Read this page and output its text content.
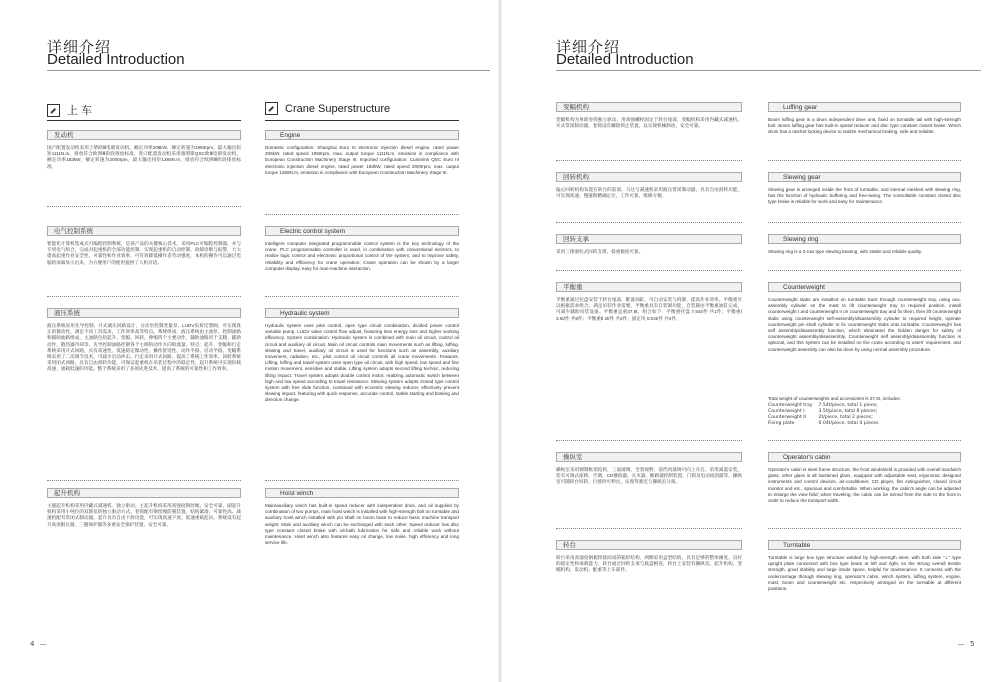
详细介绍
Detailed Introduction
上 车	Crane Superstructure
发动机
国产配置发动机采用上柴欧Ⅲ电喷发动机，额定功率206kW，额定转速为1950rpm，最大输出扭矩1111N.m，排放符合欧洲Ⅲ阶段排放标准。进口配置发动机采用康明斯QSC欧Ⅲ电喷发动机，额定功率183kW，额定转速为2000rpm，最大输出扭矩1268N.m，排放符合欧洲Ⅲ阶段排放标准。
电气控制系统
智能化计算机集成式可编程控制系统，是该产品的关键核心技术，采用PLC可编程控制器，并与专用电气组合，完成对起重机的全部功能控制，实现起重机的自动控制、故障诊断与报警，大大提高起重作业安全性、可靠性和作业效率，可有效降低操作者劳动强度，本机的操作可以通过电脑的屏幕显示出来，为方便用户的使用提供了人机对话。
液压系统
液压系统采用先导控制，开式液压回路设计，分动泵控制变量泵，LUDV负荷反馈阀，可实现真正的微动性，满足不同工况需求，工作效率高等特点。系统组成：液压系统由主油泵、控制油路和辅助油路组成，主油路包括起升、变幅、回转、伸缩四个主要动作，辅助油路用于支腿、辅助动作、散热器冷却等，先导控制油路控制各个主阀的动作方向和流量。特点：起升、变幅和行走系统采用开式回路，具有高速性、低速稳定微动性、操作舒适性、动作平稳、启动平稳。变幅系统采用了二次调节技术，可减少启动冲击。行走采用开式回路，提高了系统工作效率。回转系统采用闭式回路，具有自由滑转功能，可保证起重机在吊装过程中的稳定性。起升系统可实现轻载高速、重载低速的功能。整个系统采用了多项先进技术，提高了系统的可靠性和工作效率。
起升机构
主副起升机构采用内藏式减速机、独立驱动。主起升机构采用高强度钢丝绳，安全可靠，副起升机构采用小吨位的双联泵的独立驱动方式。卷筒配有钢丝绳防脱装置，结构紧凑、可靠性高。减速机配有常闭式制动器，起升具有自由下放功能，可实现高速下放、低速重载起吊。系统设有起升高度限位器、三圈保护器等多重安全保护装置，安全可靠。
Engine
Domestic configuration: Shanghai Euro III electronic injection diesel engine, rated power 206kW, rated speed 1950rpm, max. output torque 1111N.m, emission in compliance with European Construction Machinery Stage III. Imported configuration: Cummins QSC Euro III electronic injection diesel engine, rated power 183kW, rated speed 2000rpm, max. output torque 1268N.m, emission in compliance with European Construction Machinery Stage III.
Electric control system
Intelligent computer integrated programmable control system is the key technology of the crane. PLC programmable controller is used, in combination with conventional electrics, to realize logic control and electronic proportional control of the system, and to improve safety, reliability and efficiency for crane operation. Crane operation can be shown by a larger computer display, easy for man-machine interaction.
Hydraulic system
Hydraulic system uses pilot control, open type circuit combination, divided power control variable pump, LUDV valve control flow adjust, featuring less energy loss and higher working efficiency. System combination: Hydraulic system is combined with main oil circuit, control oil circuit and auxiliary oil circuit. Main oil circuit controls main movements such as lifting, luffing, slewing and travel, auxiliary oil circuit is used for functions such as assembly, auxiliary movement, radiation, etc., pilot control oil circuit controls all crane movements. Features: Lifting, luffing and travel system uses open type oil circuit, with high speed, low speed and fine motion movement, sensitive and stable. Lifting system adopts second lifting technic, reducing lifting impact. Travel system adopts double control motor, realizing automatic switch between high and low speed according to travel resistance. Slewing system adopts closed type control system with free slide function, combined with eccentric slewing reducer, effectively prevent slewing impact, featuring with quick response, accurate control, stable starting and braking and direction change.
Hoist winch
Main/auxiliary winch has built-in speed reducer with independent drive, and oil supplied by combination of two pumps, main hoist winch is installed with high-strength bolt on turntable and auxiliary hoist winch installed with pin shaft on boom base to reduce basic machine transport weight. Main and auxiliary winch can be exchanged with each other. Speed reducer has disc type constant closed brake with oil-bath lubrication for safe and reliable work without maintenance. Hoist winch also features easy oil change, low noise, high efficiency and long service life.
4
详细介绍
Detailed Introduction
变幅机构
变幅机构为单联卷筒独立驱动，用高强螺栓固定于转台尾部，变幅机构采用内藏式减速机，开式常闭制动器，卷筒设有棘轮锁止装置，以实现机械制动，安全可靠。
回转机构
偏心回转机构布置在转台的前部，马达与减速机采用液压常闭制动器，具有自由滑转功能，可实现高速、慢速和精确定位，工作可靠，维修方便。
回转支承
采用三排滚柱式回转支撑，稳重极度可靠。
平衡重
平衡重通过托盘安装于转台尾部，配备油缸，可自动安装与拆卸，提高作业效率。平衡重可以根据需求组合，满足吊装作业需要。平衡重具有自装卸功能，自装卸由平衡重油缸完成，可减少辅助吊装设备。平衡重总重37.6t，组合如下：平衡重托盘 7.54t/件 共1件；平衡重Ⅰ 3.5t/件 共8件；平衡重Ⅱ 2t/件 共2件；固定块 0.04t/件 共4件。
操纵室
操纵室采用钢制框架结构，三面玻璃，全景视野，前挡风玻璃可向上开启，采用减震安装，装有可调式座椅、空调、CD播放器、灭火器、断路器控制装置、门锁及电动雨刮器等，操纵室可随转台回转，行驶时可伸出，实现驾驶室与操纵室分离。
转台
转台采用高强度钢板焊接而成的箱形结构，两侧采用盒型结构，具有足够的整体刚度、良好的稳定性和承载能力，转台通过回转支承与底盘相连，转台上安装有操纵室、起升机构、变幅机构、发动机、配重等上车部件。
Luffing gear
Boom luffing gear is a drum independent drive unit, fixed on turntable tail with high-strength bolt. Boom luffing gear has built-in speed reducer and disc type constant closed brake. Winch drum has a ratchet locking device to realize mechanical braking, safe and reliable.
Slewing gear
Slewing gear is arranged inside the front of turntable, and internal meshed with slewing ring, has the function of hydraulic buffering and free-swing. The controllable constant closed disc type brake is reliable for work and easy for maintenance.
Slewing ring
Slewing ring is a 3-row type slewing bearing, with stable and reliable quality.
Counterweight
Counterweight slabs are installed on turntable back through counterweight tray, using aux. assembly cylinder on the mast to lift counterweight tray to required position, install counterweight I and counterweight II on counterweight tray and fix them, then lift counterweight slabs using counterweight self-assembly/disassembly cylinder to required height, operate counterweight pin shaft cylinder to fix counterweight slabs onto turntable. Counterweight has self assembly/disassembly function, which eliminated the hidden danger for safety of counterweight assembly/disassembly. Counterweight self assembly/disassembly function is optional, and this system can be installed on the crane according to users' requirement, and counterweight assembly can also be done by using normal assembly procedure.
Total weight of counterweights and accessories is 37.6t, includes:
Counterweight tray	7.54t/piece, total 1 piece;
Counterweight I	3.5t/piece, total 8 pieces;
Counterweight II	2t/piece, total 2 pieces;
Fixing plate	0.04t/piece, total 4 pieces
Operator's cabin
Operator's cabin is steel frame structure, the front windshield is provided with overall sandwich glass, other glass is all hardened glass, equipped with adjustable seat, ergonomic designed instruments and control devices, air-conditioner, CD player, fire extinguisher, closed circuit monitor and etc., spacious and comfortable. When working, the cabin's angle can be adjusted to enlarge the view field; when traveling, the cabin can be turned from the side to the front in order to reduce the transport width.
Turntable
Turntable is large box type structure welded by high-strength steel, with both side "⊥" type upright plate connected with box type beam at left and right, so the strong overall tensile strength, good stability and large inside space, helpful for maintenance. It connects with the undercarriage through slewing ring, operator's cabin, winch system, luffing system, engine, mast, boom and counterweight etc. respectively arranged on the turntable at different positions.
5
